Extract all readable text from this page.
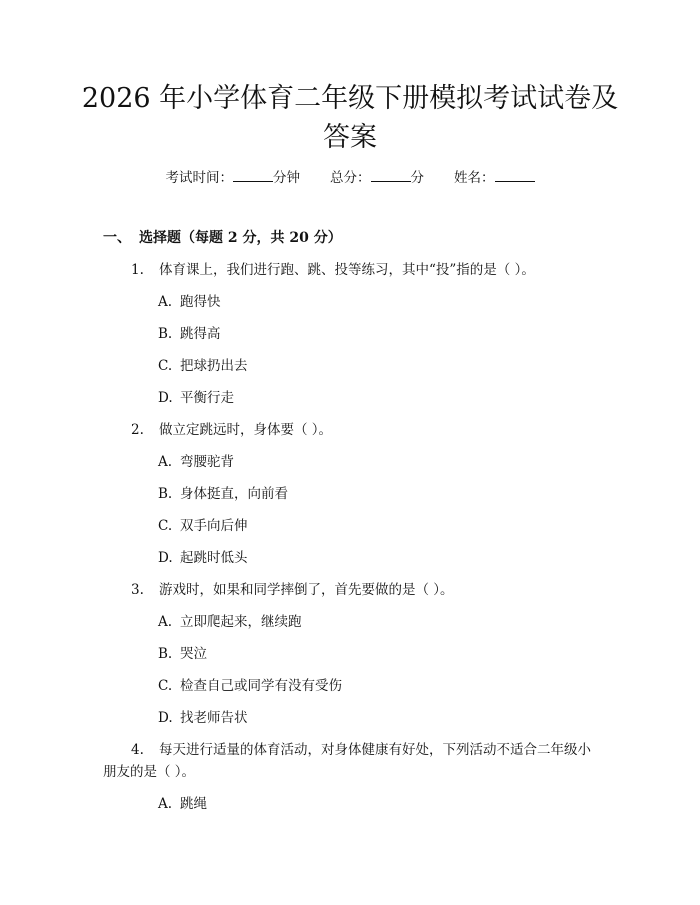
2026 年小学体育二年级下册模拟考试试卷及
答案
考试时间：	分钟 总分：	分 姓名：
一、 选择题（每题 2 分，共 20 分）
1.	体育课上，我们进行跑、跳、投等练习，其中“投”指的是（ ）。
A. 跑得快
B. 跳得高
C. 把球扔出去
D. 平衡行走
2.	做立定跳远时，身体要（ ）。
A. 弯腰驼背
B. 身体挺直，向前看
C. 双手向后伸
D. 起跳时低头
3.	游戏时，如果和同学摔倒了，首先要做的是（ ）。
A. 立即爬起来，继续跑
B. 哭泣
C. 检查自己或同学有没有受伤
D. 找老师告状
4.	每天进行适量的体育活动，对身体健康有好处，下列活动不适合二年级小
朋友的是（ ）。
A. 跳绳
